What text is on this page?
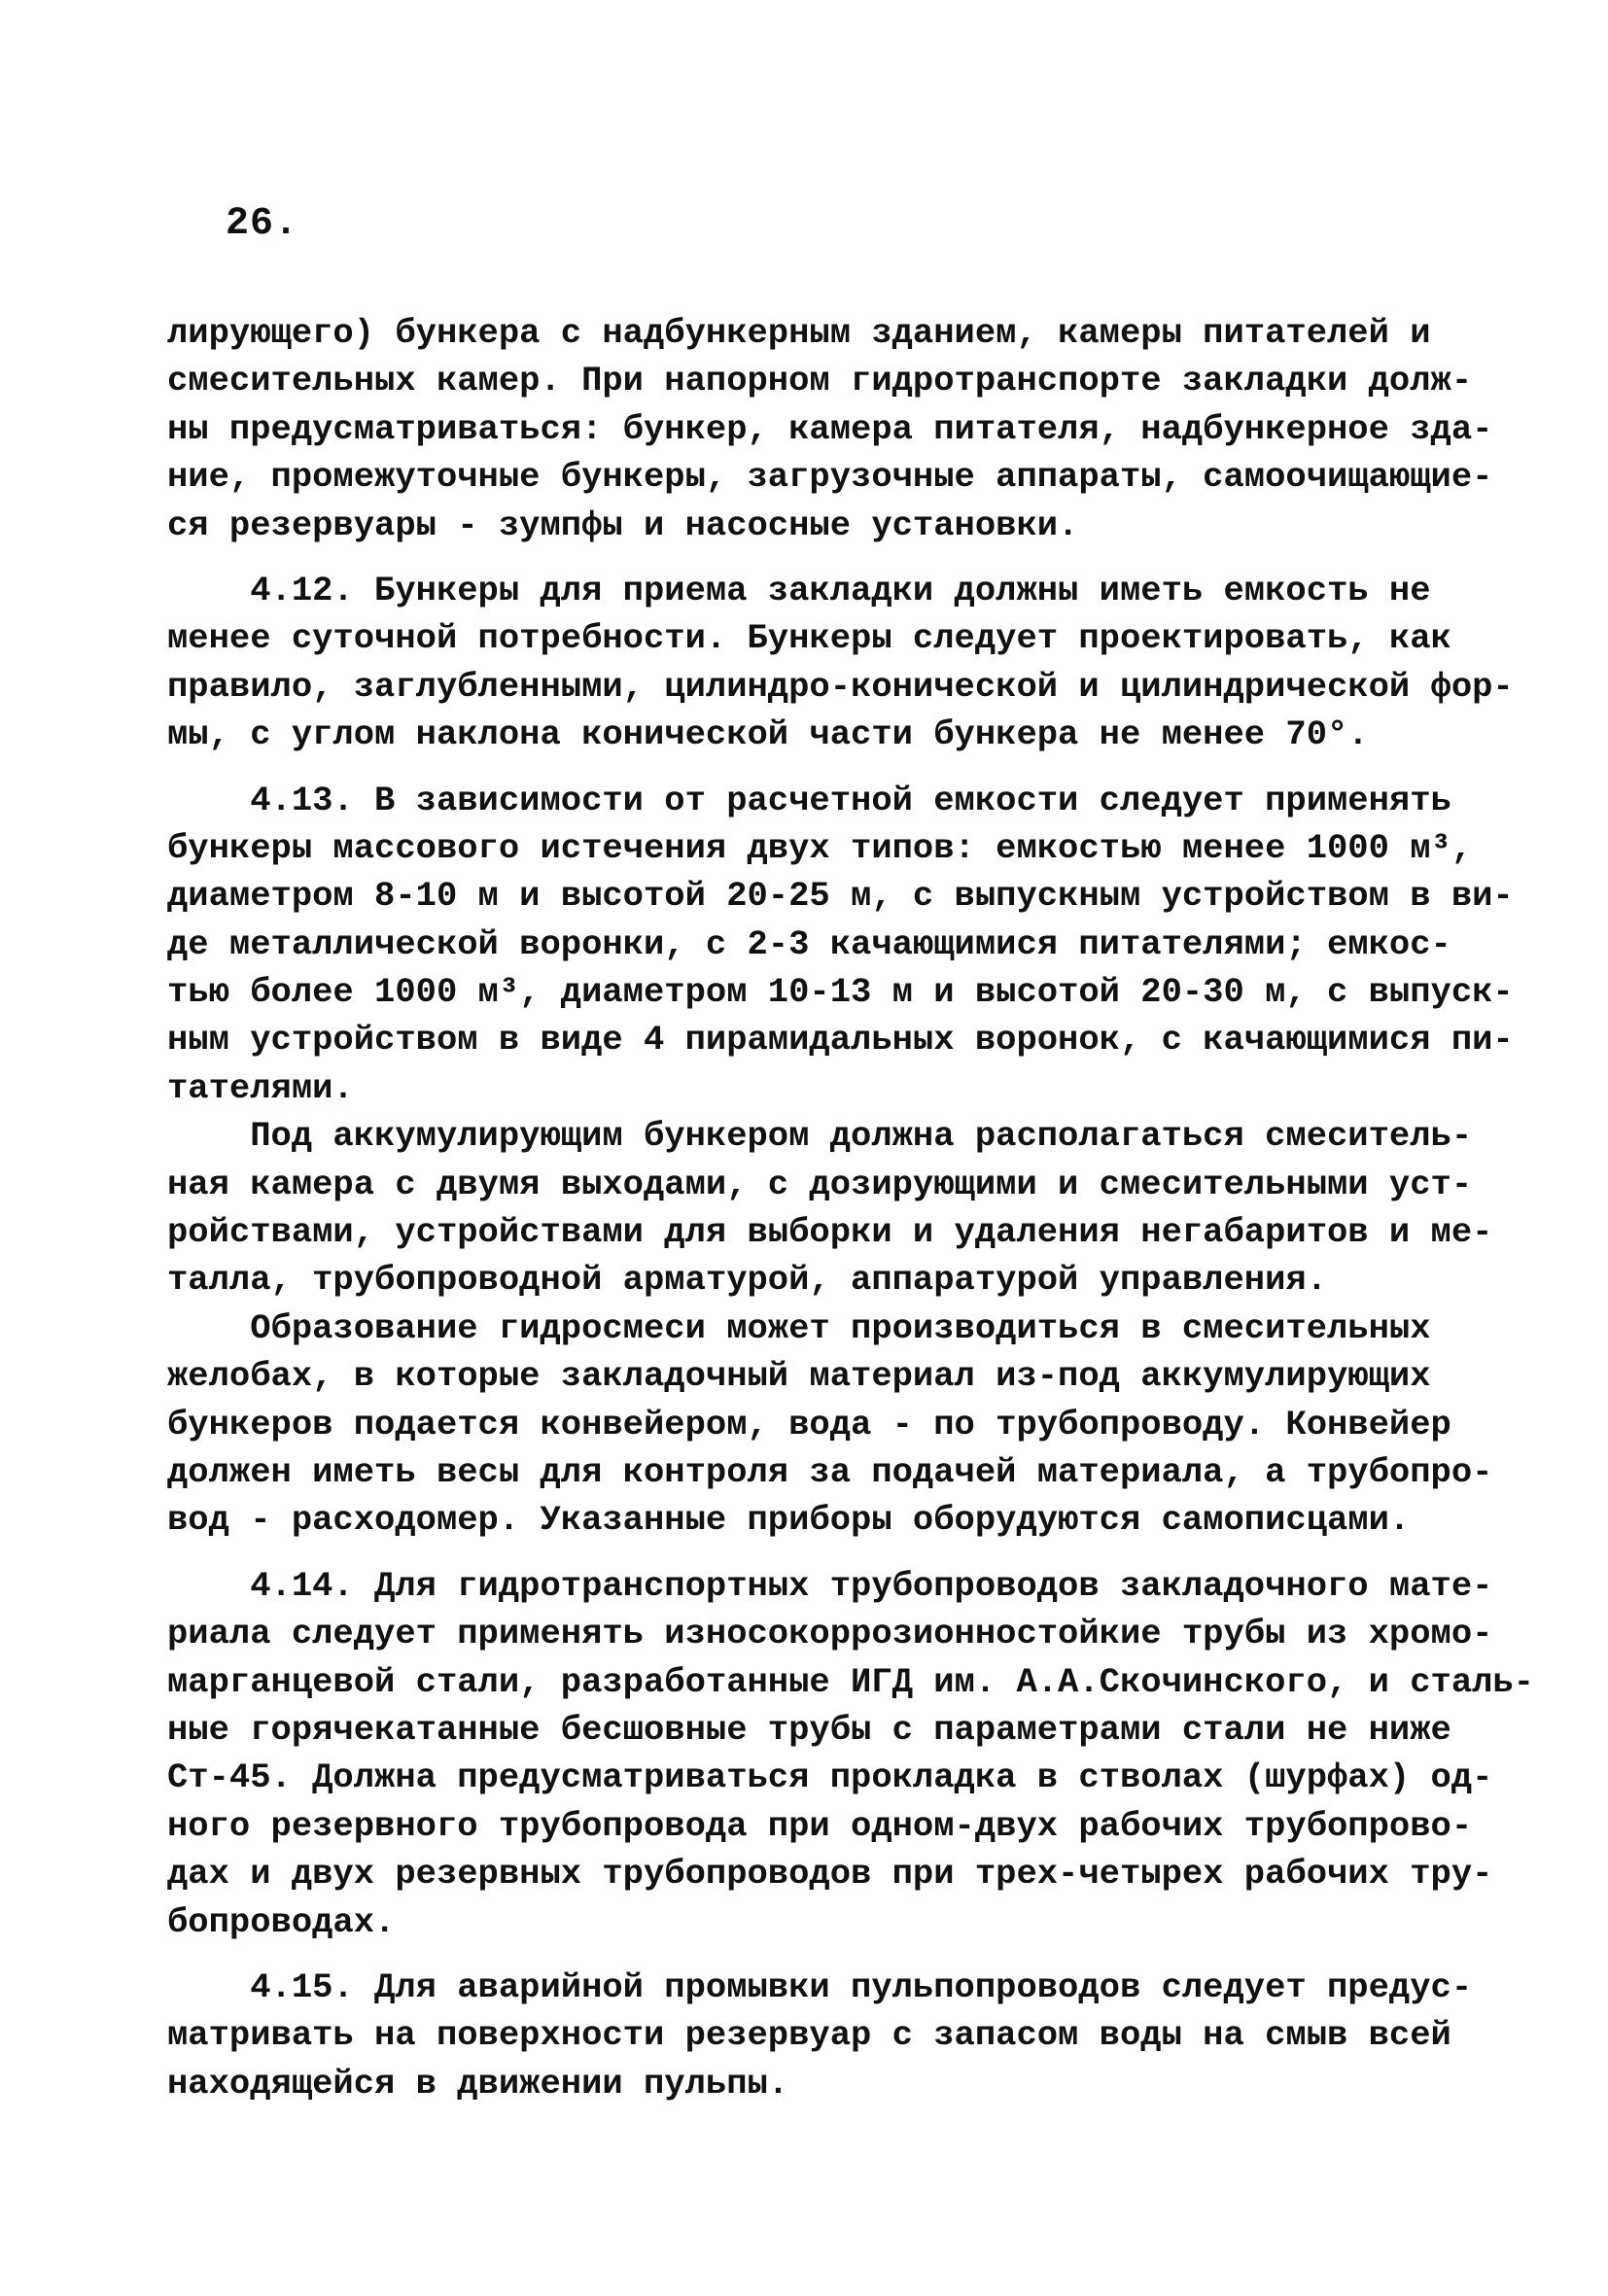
26.
лирующего) бункера с надбункерным зданием, камеры питателей и
смесительных камер. При напорном гидротранспорте закладки долж-
ны предусматриваться: бункер, камера питателя, надбункерное зда-
ние, промежуточные бункеры, загрузочные аппараты, самоочищающие-
ся резервуары - зумпфы и насосные установки.
4.12. Бункеры для приема закладки должны иметь емкость не
менее суточной потребности. Бункеры следует проектировать, как
правило, заглубленными, цилиндро-конической и цилиндрической фор-
мы, с углом наклона конической части бункера не менее 70°.
4.13. В зависимости от расчетной емкости следует применять
бункеры массового истечения двух типов: емкостью менее 1000 м³,
диаметром 8-10 м и высотой 20-25 м, с выпускным устройством в ви-
де металлической воронки, с 2-3 качающимися питателями; емкос-
тью более 1000 м³, диаметром 10-13 м и высотой 20-30 м, с выпуск-
ным устройством в виде 4 пирамидальных воронок, с качающимися пи-
тателями.
Под аккумулирующим бункером должна располагаться смеситель-
ная камера с двумя выходами, с дозирующими и смесительными уст-
ройствами, устройствами для выборки и удаления негабаритов и ме-
талла, трубопроводной арматурой, аппаратурой управления.
Образование гидросмеси может производиться в смесительных
желобах, в которые закладочный материал из-под аккумулирующих
бункеров подается конвейером, вода - по трубопроводу. Конвейер
должен иметь весы для контроля за подачей материала, а трубопро-
вод - расходомер. Указанные приборы оборудуются самописцами.
4.14. Для гидротранспортных трубопроводов закладочного мате-
риала следует применять износокоррозионностойкие трубы из хромо-
марганцевой стали, разработанные ИГД им. А.А.Скочинского, и сталь-
ные горячекатанные бесшовные трубы с параметрами стали не ниже
Ст-45. Должна предусматриваться прокладка в стволах (шурфах) од-
ного резервного трубопровода при одном-двух рабочих трубопрово-
дах и двух резервных трубопроводов при трех-четырех рабочих тру-
бопроводах.
4.15. Для аварийной промывки пульпопроводов следует предус-
матривать на поверхности резервуар с запасом воды на смыв всей
находящейся в движении пульпы.
